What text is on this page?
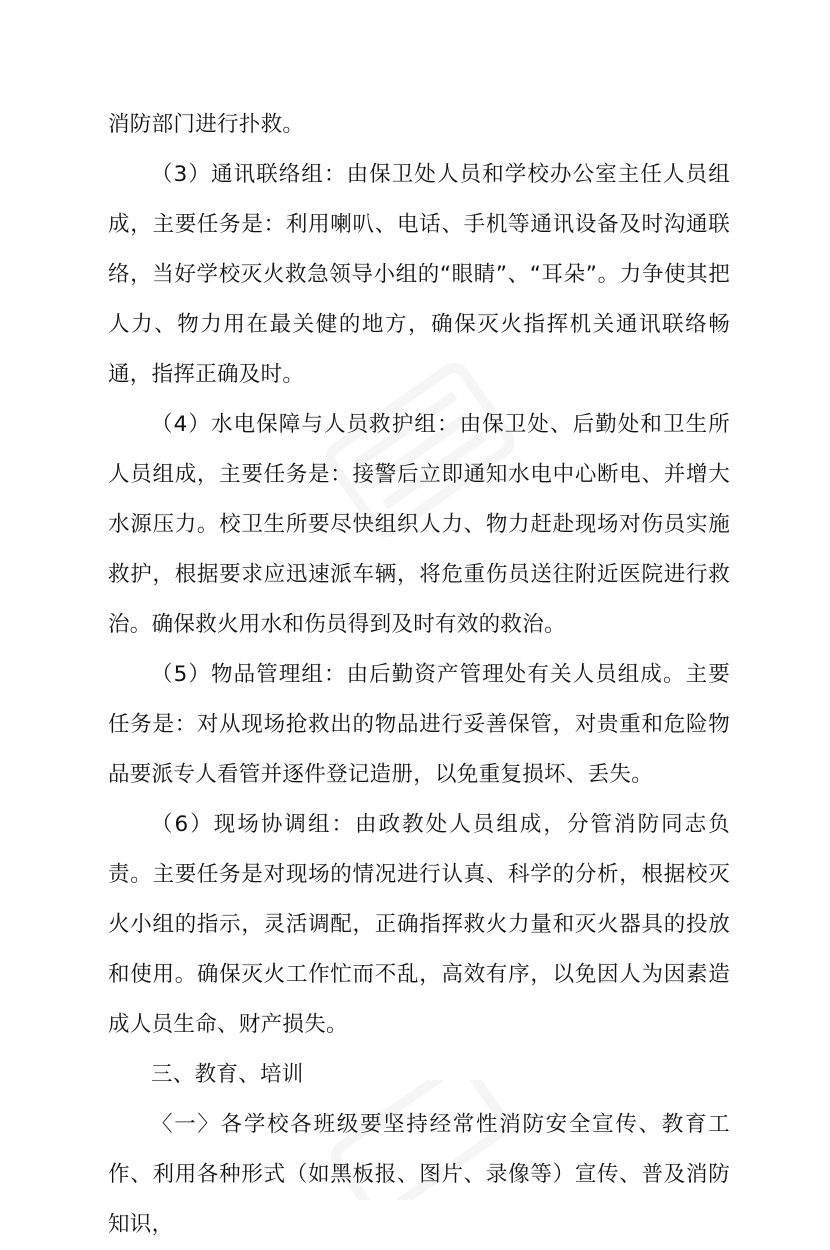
消防部门进行扑救。

（3）通讯联络组：由保卫处人员和学校办公室主任人员组成，主要任务是：利用喇叭、电话、手机等通讯设备及时沟通联络，当好学校灭火救急领导小组的“眼睛”、“耳朵”。力争使其把人力、物力用在最关健的地方，确保灭火指挥机关通讯联络畅通，指挥正确及时。

（4）水电保障与人员救护组：由保卫处、后勤处和卫生所人员组成，主要任务是：接警后立即通知水电中心断电、并增大水源压力。校卫生所要尽快组织人力、物力赶赴现场对伤员实施救护，根据要求应迅速派车辆，将危重伤员送往附近医院进行救治。确保救火用水和伤员得到及时有效的救治。

（5）物品管理组：由后勤资产管理处有关人员组成。主要任务是：对从现场抢救出的物品进行妥善保管，对贵重和危险物品要派专人看管并逐件登记造册，以免重复损坏、丢失。

（6）现场协调组：由政教处人员组成，分管消防同志负责。主要任务是对现场的情况进行认真、科学的分析，根据校灭火小组的指示，灵活调配，正确指挥救火力量和灭火器具的投放和使用。确保灭火工作忙而不乱，高效有序，以免因人为因素造成人员生命、财产损失。

三、教育、培训

〈一〉各学校各班级要坚持经常性消防安全宣传、教育工作、利用各种形式（如黑板报、图片、录像等）宣传、普及消防知识，
